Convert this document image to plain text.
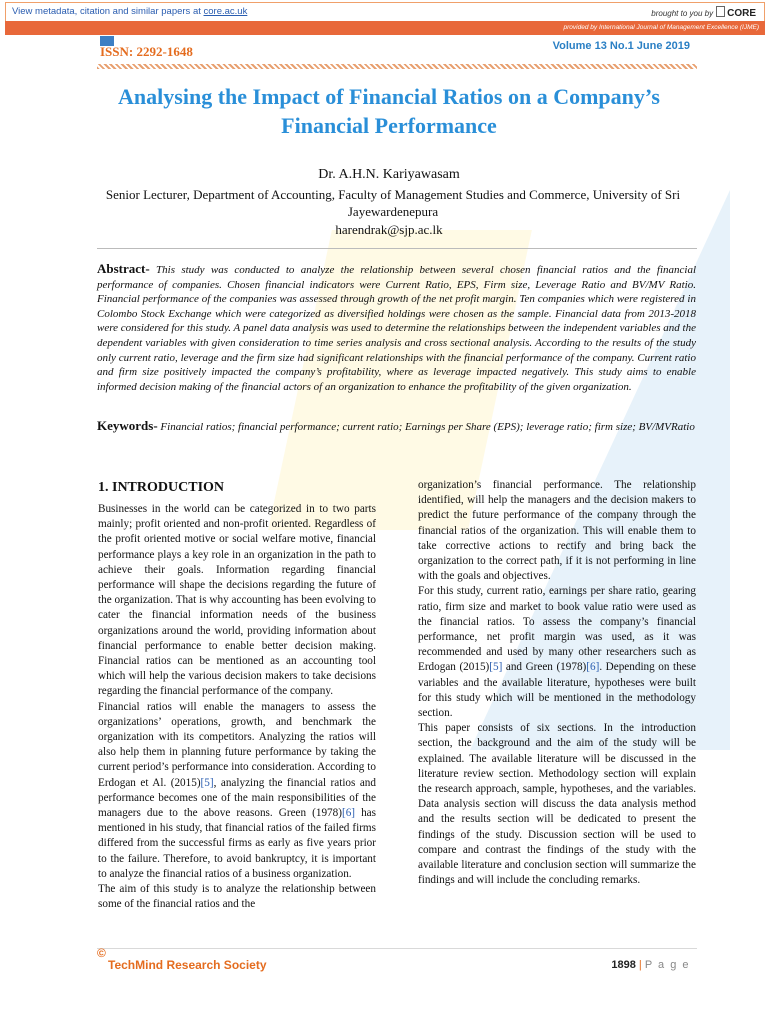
View metadata, citation and similar papers at core.ac.uk	brought to you by CORE
provided by International Journal of Management Excellence (IJME)
ISSN: 2292-1648	Volume 13 No.1 June 2019
Analysing the Impact of Financial Ratios on a Company’s Financial Performance
Dr. A.H.N. Kariyawasam
Senior Lecturer, Department of Accounting, Faculty of Management Studies and Commerce, University of Sri Jayewardenepura
harendrak@sjp.ac.lk
Abstract- This study was conducted to analyze the relationship between several chosen financial ratios and the financial performance of companies. Chosen financial indicators were Current Ratio, EPS, Firm size, Leverage Ratio and BV/MV Ratio. Financial performance of the companies was assessed through growth of the net profit margin. Ten companies which were registered in Colombo Stock Exchange which were categorized as diversified holdings were chosen as the sample. Financial data from 2013-2018 were considered for this study. A panel data analysis was used to determine the relationships between the independent variables and the dependent variables with given consideration to time series analysis and cross sectional analysis. According to the results of the study only current ratio, leverage and the firm size had significant relationships with the financial performance of the company. Current ratio and firm size positively impacted the company’s profitability, where as leverage impacted negatively. This study aims to enable informed decision making of the financial actors of an organization to enhance the profitability of the given organization.
Keywords- Financial ratios; financial performance; current ratio; Earnings per Share (EPS); leverage ratio; firm size; BV/MVRatio
1. INTRODUCTION

Businesses in the world can be categorized in to two parts mainly; profit oriented and non-profit oriented. Regardless of the profit oriented motive or social welfare motive, financial performance plays a key role in an organization in the path to achieve their goals. Information regarding financial performance will shape the decisions regarding the future of the organization. That is why accounting has been evolving to cater the financial information needs of the business organizations around the world, providing information about financial performance to enable better decision making. Financial ratios can be mentioned as an accounting tool which will help the various decision makers to take decisions regarding the financial performance of the company.

Financial ratios will enable the managers to assess the organizations’ operations, growth, and benchmark the organization with its competitors. Analyzing the ratios will also help them in planning future performance by taking the current period’s performance into consideration. According to Erdogan et Al. (2015)[5], analyzing the financial ratios and performance becomes one of the main responsibilities of the managers due to the above reasons. Green (1978)[6] has mentioned in his study, that financial ratios of the failed firms differed from the successful firms as early as five years prior to the failure. Therefore, to avoid bankruptcy, it is important to analyze the financial ratios of a business organization.

The aim of this study is to analyze the relationship between some of the financial ratios and the

organization’s financial performance. The relationship identified, will help the managers and the decision makers to predict the future performance of the company through the financial ratios of the organization. This will enable them to take corrective actions to rectify and bring back the organization to the correct path, if it is not performing in line with the goals and objectives.

For this study, current ratio, earnings per share ratio, gearing ratio, firm size and market to book value ratio were used as the financial ratios. To assess the company’s financial performance, net profit margin was used, as it was recommended and used by many other researchers such as Erdogan (2015)[5] and Green (1978)[6]. Depending on these variables and the available literature, hypotheses were built for this study which will be mentioned in the methodology section.

This paper consists of six sections. In the introduction section, the background and the aim of the study will be explained. The available literature will be discussed in the literature review section. Methodology section will explain the research approach, sample, hypotheses, and the variables. Data analysis section will discuss the data analysis method and the results section will be dedicated to present the findings of the study. Discussion section will be used to compare and contrast the findings of the study with the available literature and conclusion section will summarize the findings and will include the concluding remarks.

©
TechMind Research Society	1898 | P a g e
